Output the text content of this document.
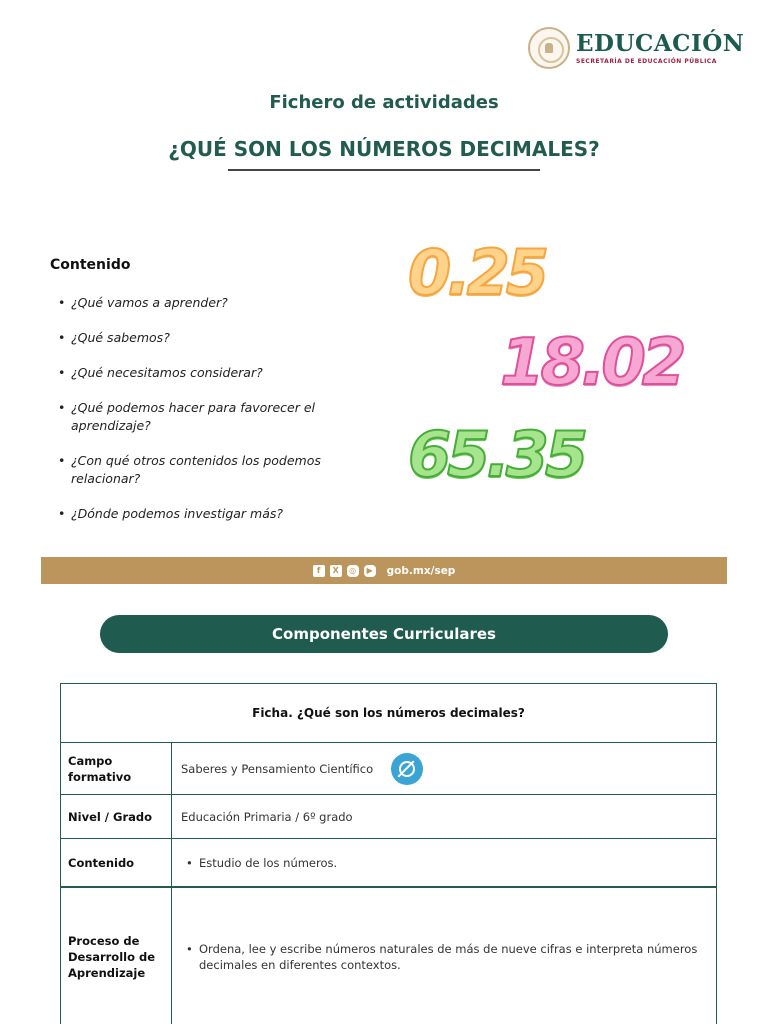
EDUCACIÓN
SECRETARÍA DE EDUCACIÓN PÚBLICA
Fichero de actividades
¿QUÉ SON LOS NÚMEROS DECIMALES?
Contenido
• ¿Qué vamos a aprender?
• ¿Qué sabemos?
• ¿Qué necesitamos considerar?
• ¿Qué podemos hacer para favorecer el aprendizaje?
• ¿Con qué otros contenidos los podemos relacionar?
• ¿Dónde podemos investigar más?
0.25
18.02
65.35
f	X	◎	▶ gob.mx/sep
Componentes Curriculares
Ficha. ¿Qué son los números decimales?
Campo formativo
Saberes y Pensamiento Científico
Nivel / Grado	Educación Primaria / 6º grado
Contenido
•	Estudio de los números.
Proceso de Desarrollo de Aprendizaje
• Ordena, lee y escribe números naturales de más de nueve cifras e interpreta números decimales en diferentes contextos.
